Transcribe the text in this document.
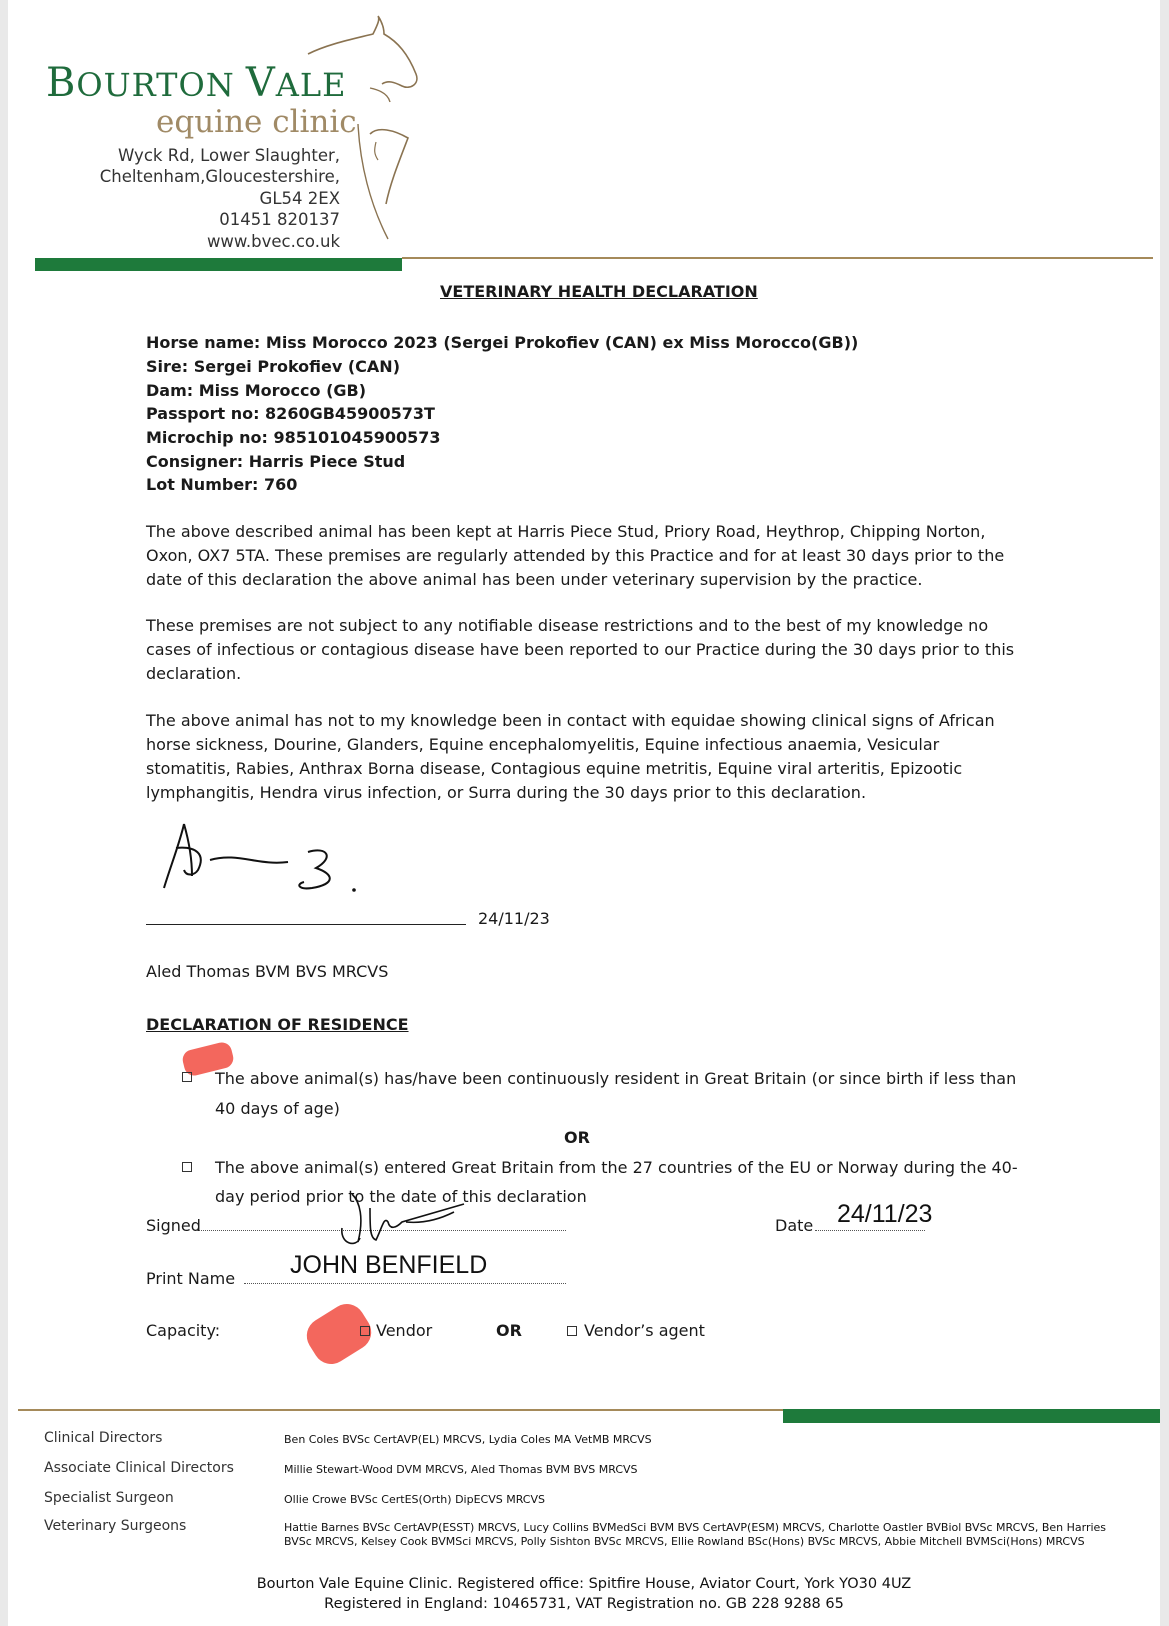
BOURTON VALE
equine clinic
Wyck Rd, Lower Slaughter,
Cheltenham,Gloucestershire,
GL54 2EX
01451 820137
www.bvec.co.uk
VETERINARY HEALTH DECLARATION
Horse name: Miss Morocco 2023 (Sergei Prokofiev (CAN) ex Miss Morocco(GB))
Sire: Sergei Prokofiev (CAN)
Dam: Miss Morocco (GB)
Passport no: 8260GB45900573T
Microchip no: 985101045900573
Consigner: Harris Piece Stud
Lot Number: 760
The above described animal has been kept at Harris Piece Stud, Priory Road, Heythrop, Chipping Norton, Oxon, OX7 5TA. These premises are regularly attended by this Practice and for at least 30 days prior to the date of this declaration the above animal has been under veterinary supervision by the practice.
These premises are not subject to any notifiable disease restrictions and to the best of my knowledge no cases of infectious or contagious disease have been reported to our Practice during the 30 days prior to this declaration.
The above animal has not to my knowledge been in contact with equidae showing clinical signs of African horse sickness, Dourine, Glanders, Equine encephalomyelitis, Equine infectious anaemia, Vesicular stomatitis, Rabies, Anthrax Borna disease, Contagious equine metritis, Equine viral arteritis, Epizootic lymphangitis, Hendra virus infection, or Surra during the 30 days prior to this declaration.
24/11/23
Aled Thomas BVM BVS MRCVS
DECLARATION OF RESIDENCE
The above animal(s) has/have been continuously resident in Great Britain (or since birth if less than
40 days of age)
OR
The above animal(s) entered Great Britain from the 27 countries of the EU or Norway during the 40-
day period prior to the date of this declaration
Signed	Date 24/11/23
Print Name JOHN BENFIELD
Capacity:	Vendor	OR	Vendor’s agent
Clinical Directors	Ben Coles BVSc CertAVP(EL) MRCVS, Lydia Coles MA VetMB MRCVS
Associate Clinical Directors	Millie Stewart-Wood DVM MRCVS, Aled Thomas BVM BVS MRCVS
Specialist Surgeon	Ollie Crowe BVSc CertES(Orth) DipECVS MRCVS
Veterinary Surgeons	Hattie Barnes BVSc CertAVP(ESST) MRCVS, Lucy Collins BVMedSci BVM BVS CertAVP(ESM) MRCVS, Charlotte Oastler BVBiol BVSc MRCVS, Ben Harries BVSc MRCVS, Kelsey Cook BVMSci MRCVS, Polly Sishton BVSc MRCVS, Ellie Rowland BSc(Hons) BVSc MRCVS, Abbie Mitchell BVMSci(Hons) MRCVS
Bourton Vale Equine Clinic. Registered office: Spitfire House, Aviator Court, York YO30 4UZ
Registered in England: 10465731, VAT Registration no. GB 228 9288 65
